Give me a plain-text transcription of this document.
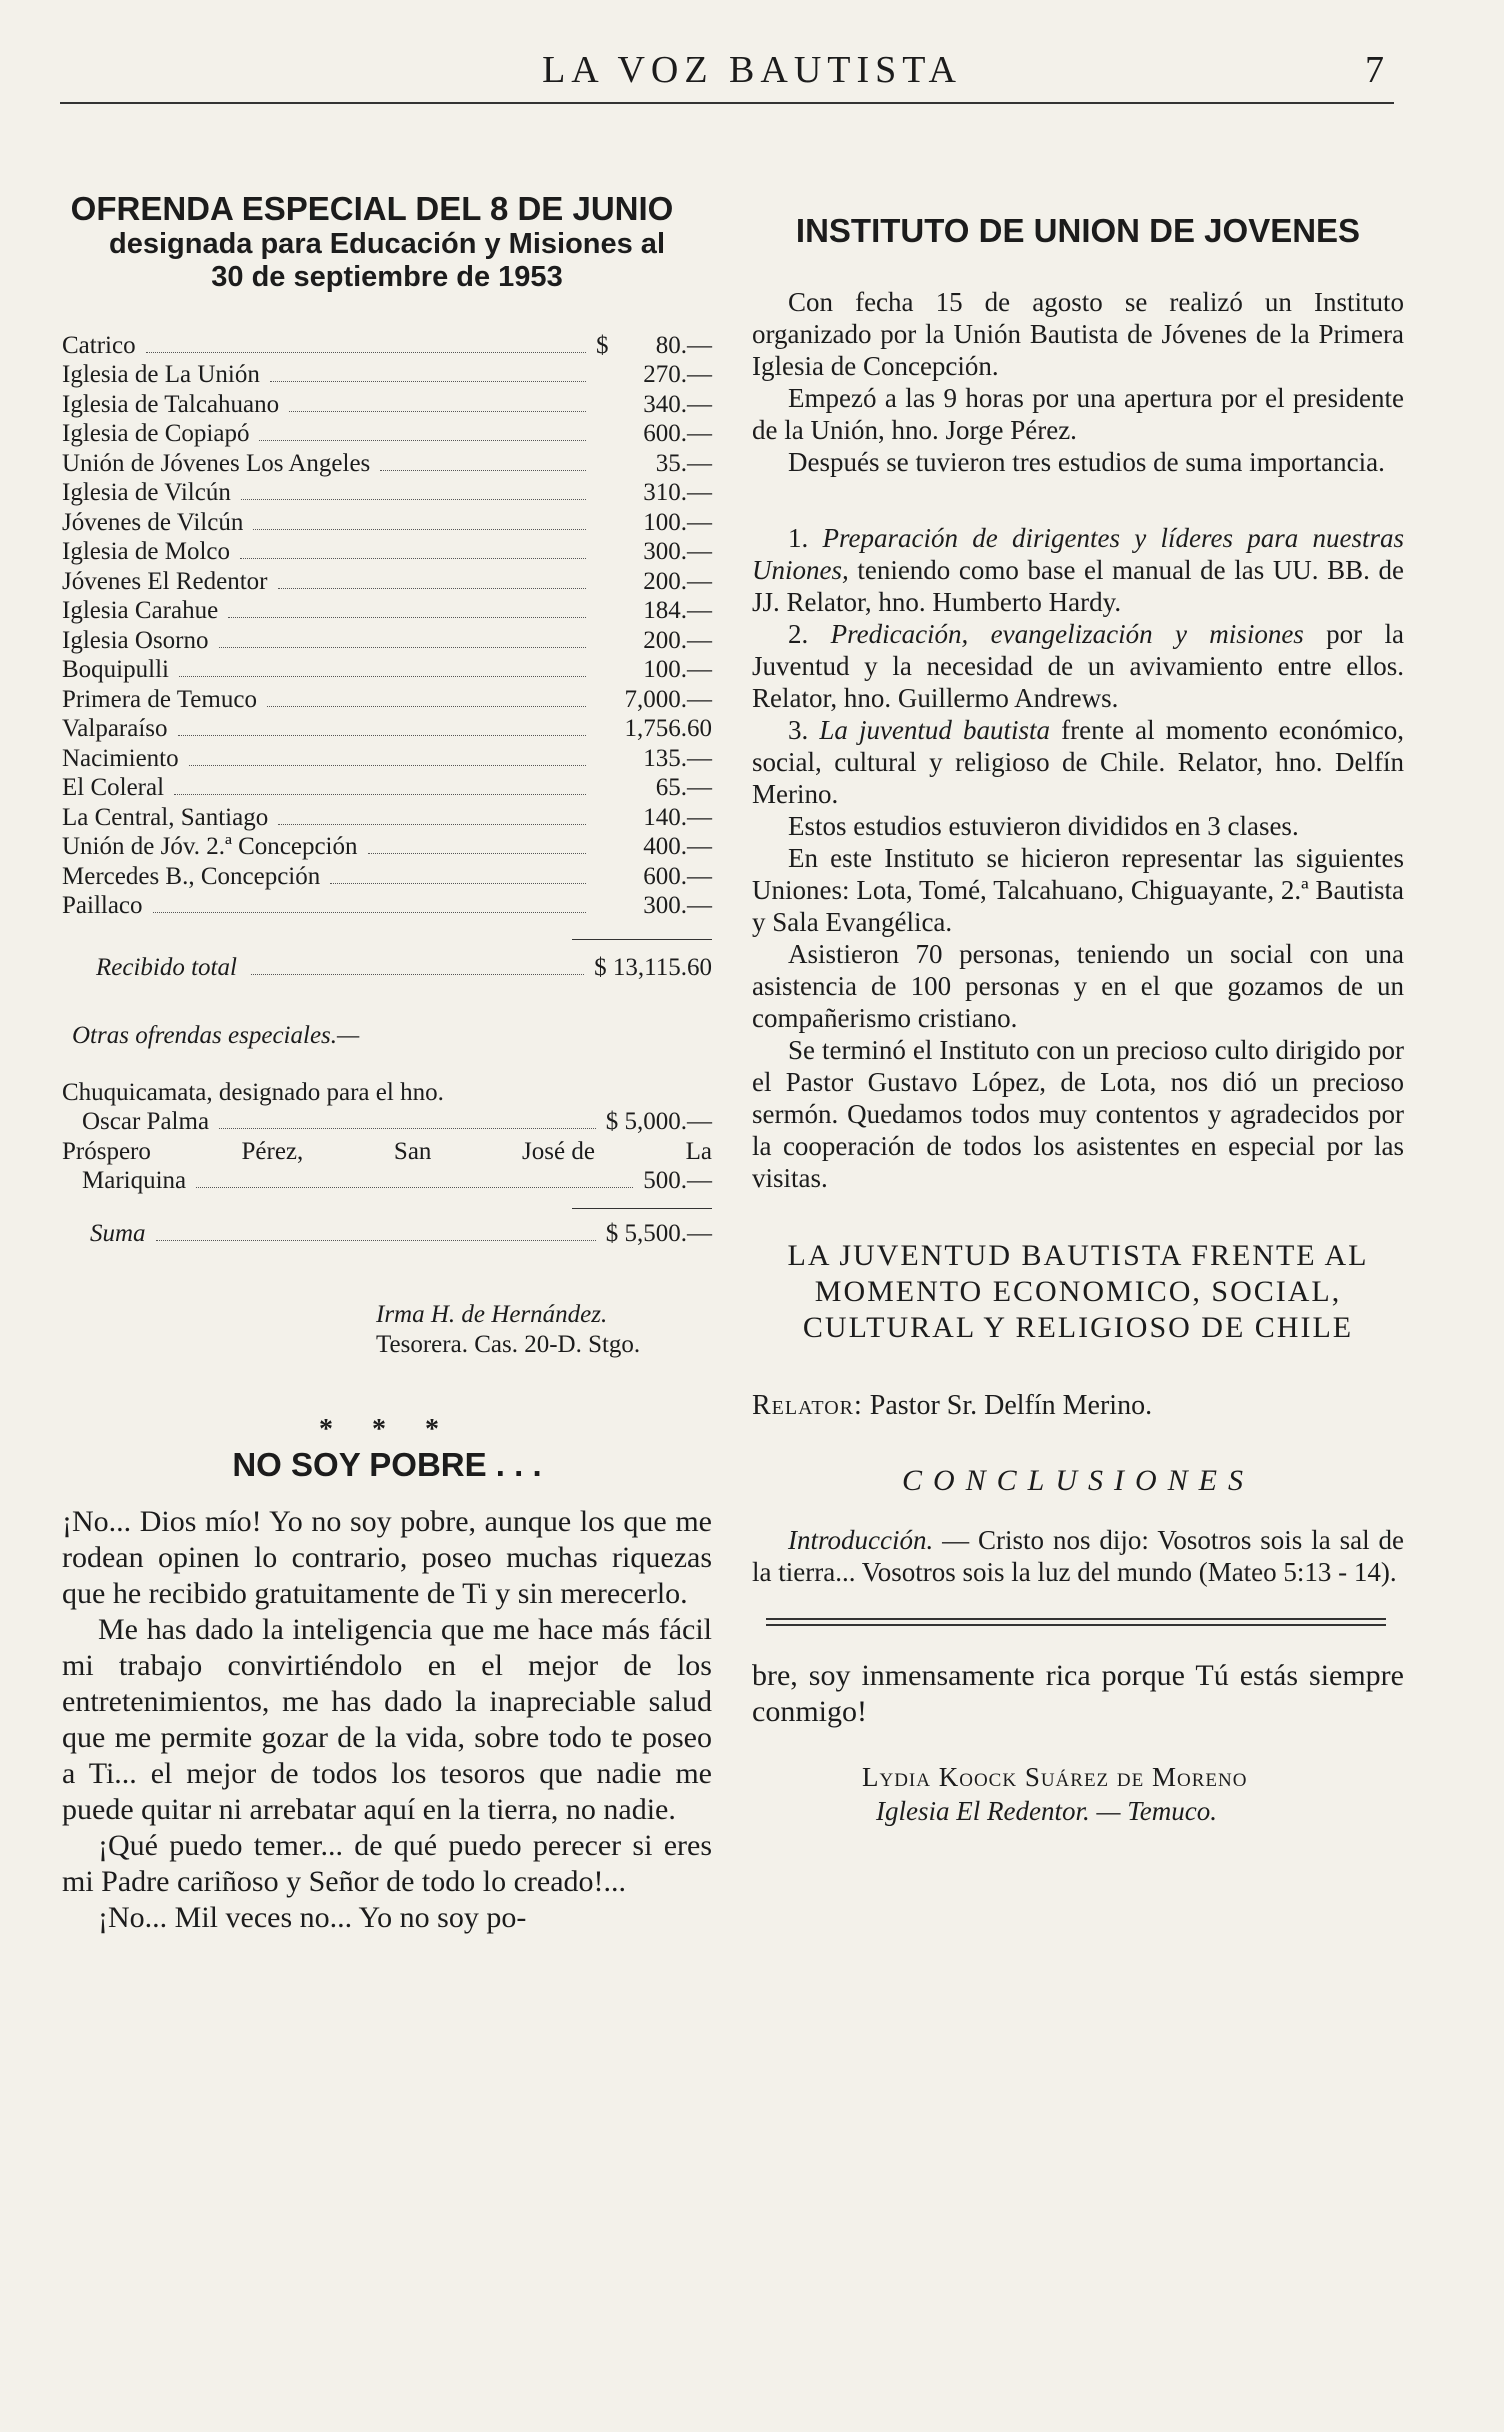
LA VOZ BAUTISTA	7
OFRENDA ESPECIAL DEL 8 DE JUNIO
designada para Educación y Misiones al
30 de septiembre de 1953
Catrico	$	80.—
Iglesia de La Unión	270.—
Iglesia de Talcahuano	340.—
Iglesia de Copiapó	600.—
Unión de Jóvenes Los Angeles	35.—
Iglesia de Vilcún	310.—
Jóvenes de Vilcún	100.—
Iglesia de Molco	300.—
Jóvenes El Redentor	200.—
Iglesia Carahue	184.—
Iglesia Osorno	200.—
Boquipulli	100.—
Primera de Temuco	7,000.—
Valparaíso	1,756.60
Nacimiento	135.—
El Coleral	65.—
La Central, Santiago	140.—
Unión de Jóv. 2.ª Concepción	400.—
Mercedes B., Concepción	600.—
Paillaco	300.—
Recibido total	$ 13,115.60
Otras ofrendas especiales.—
Chuquicamata, designado para el hno.
Oscar Palma	$ 5,000.—
Próspero	Pérez,	San	José de	La
Mariquina	500.—
Suma	$ 5,500.—
Irma H. de Hernández.
Tesorera. Cas. 20-D. Stgo.
* * *
NO SOY POBRE . . .

¡No... Dios mío! Yo no soy pobre, aunque los que me rodean opinen lo contrario, poseo muchas riquezas que he recibido gratuitamente de Ti y sin merecerlo.

Me has dado la inteligencia que me hace más fácil mi trabajo convirtiéndolo en el mejor de los entretenimientos, me has dado la inapreciable salud que me permite gozar de la vida, sobre todo te poseo a Ti... el mejor de todos los tesoros que nadie me puede quitar ni arrebatar aquí en la tierra, no nadie.

¡Qué puedo temer... de qué puedo perecer si eres mi Padre cariñoso y Señor de todo lo creado!...

¡No... Mil veces no... Yo no soy po-

INSTITUTO DE UNION DE JOVENES

Con fecha 15 de agosto se realizó un Instituto organizado por la Unión Bautista de Jóvenes de la Primera Iglesia de Concepción.

Empezó a las 9 horas por una apertura por el presidente de la Unión, hno. Jorge Pérez.

Después se tuvieron tres estudios de suma importancia.

1. Preparación de dirigentes y líderes para nuestras Uniones, teniendo como base el manual de las UU. BB. de JJ. Relator, hno. Humberto Hardy.

2. Predicación, evangelización y misiones por la Juventud y la necesidad de un avivamiento entre ellos. Relator, hno. Guillermo Andrews.

3. La juventud bautista frente al momento económico, social, cultural y religioso de Chile. Relator, hno. Delfín Merino.

Estos estudios estuvieron divididos en 3 clases.

En este Instituto se hicieron representar las siguientes Uniones: Lota, Tomé, Talcahuano, Chiguayante, 2.ª Bautista y Sala Evangélica.

Asistieron 70 personas, teniendo un social con una asistencia de 100 personas y en el que gozamos de un compañerismo cristiano.

Se terminó el Instituto con un precioso culto dirigido por el Pastor Gustavo López, de Lota, nos dió un precioso sermón. Quedamos todos muy contentos y agradecidos por la cooperación de todos los asistentes en especial por las visitas.

LA JUVENTUD BAUTISTA FRENTE AL MOMENTO ECONOMICO, SOCIAL, CULTURAL Y RELIGIOSO DE CHILE
Relator: Pastor Sr. Delfín Merino.
CONCLUSIONES
Introducción. — Cristo nos dijo: Vosotros sois la sal de la tierra... Vosotros sois la luz del mundo (Mateo 5:13 - 14).
bre, soy inmensamente rica porque Tú estás siempre conmigo!
Lydia Koock Suárez de Moreno
Iglesia El Redentor. — Temuco.
